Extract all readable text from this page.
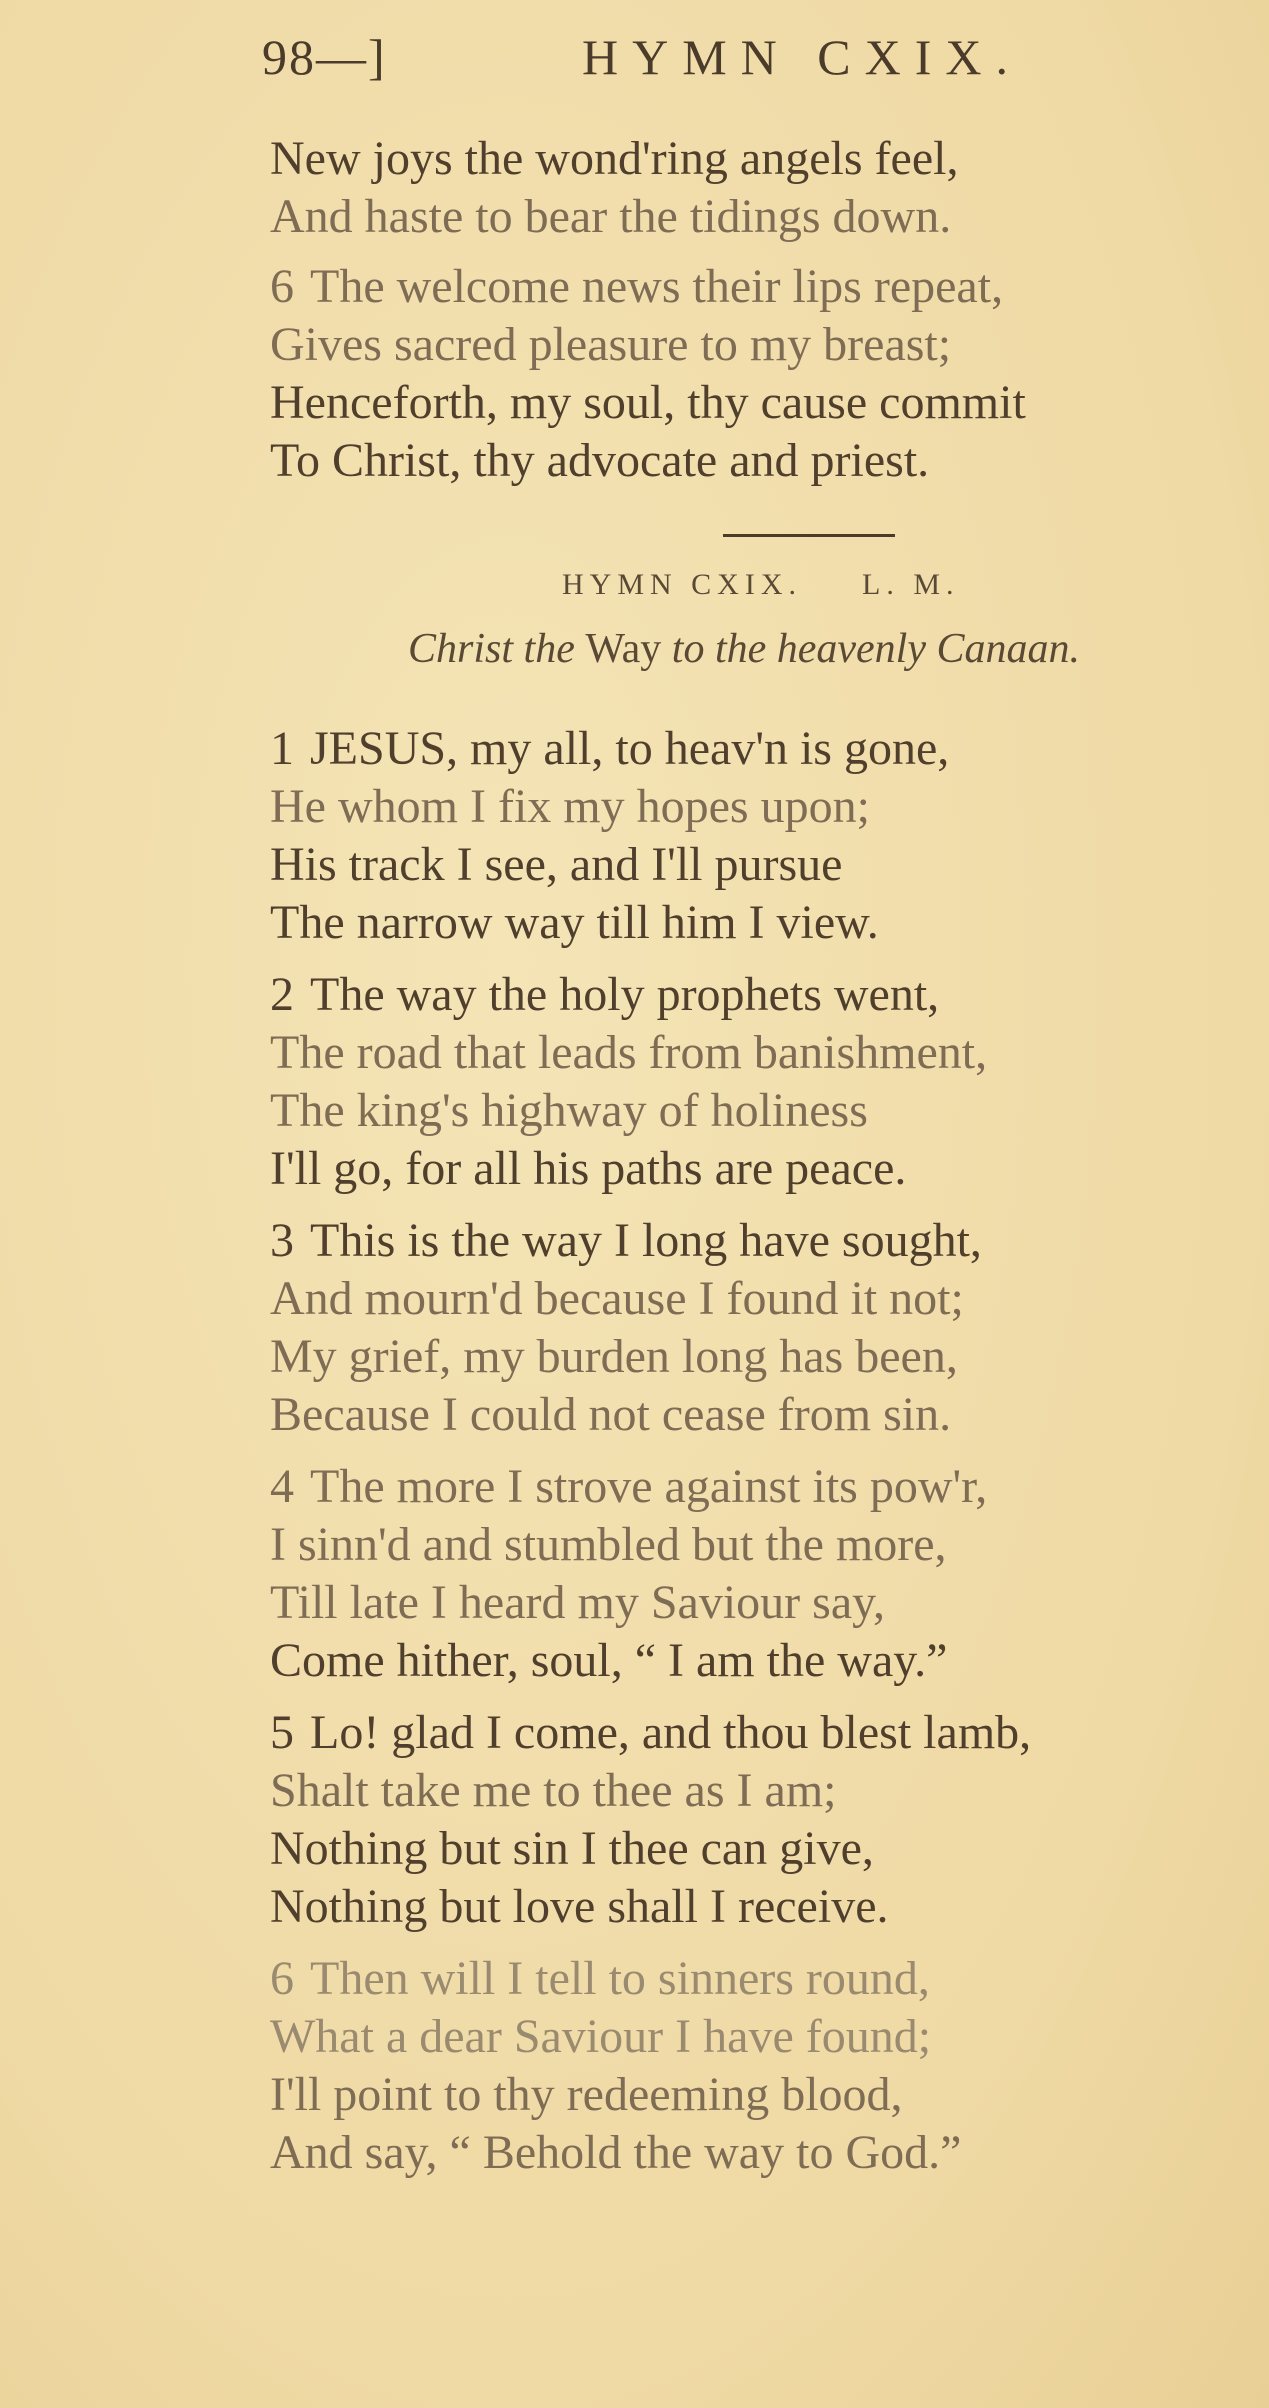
98—]	HYMN CXIX.
New joys the wond'ring angels feel,
And haste to bear the tidings down.
6 The welcome news their lips repeat,
Gives sacred pleasure to my breast;
Henceforth, my soul, thy cause commit
To Christ, thy advocate and priest.
HYMN CXIX. L. M.
Christ the Way to the heavenly Canaan.
1 JESUS, my all, to heav'n is gone,
He whom I fix my hopes upon;
His track I see, and I'll pursue
The narrow way till him I view.
2 The way the holy prophets went,
The road that leads from banishment,
The king's highway of holiness
I'll go, for all his paths are peace.
3 This is the way I long have sought,
And mourn'd because I found it not;
My grief, my burden long has been,
Because I could not cease from sin.
4 The more I strove against its pow'r,
I sinn'd and stumbled but the more,
Till late I heard my Saviour say,
Come hither, soul, “ I am the way.”
5 Lo! glad I come, and thou blest lamb,
Shalt take me to thee as I am;
Nothing but sin I thee can give,
Nothing but love shall I receive.
6 Then will I tell to sinners round,
What a dear Saviour I have found;
I'll point to thy redeeming blood,
And say, “ Behold the way to God.”
